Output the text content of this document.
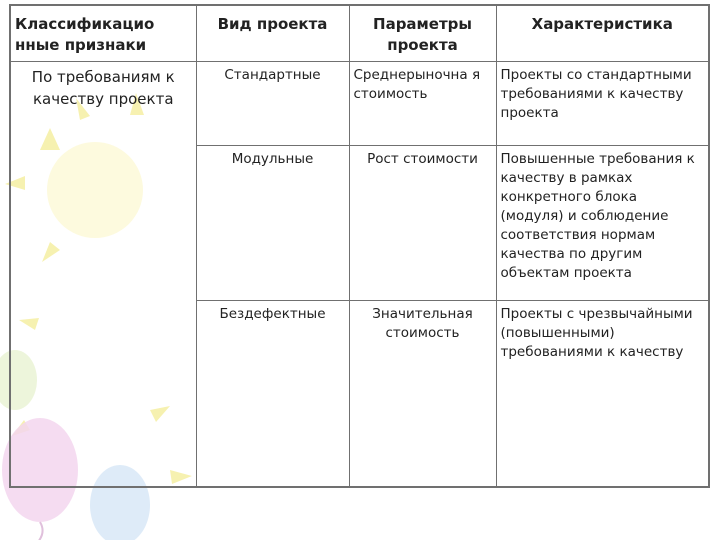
Классификацио нные признаки	Вид проекта	Параметры проекта	Характеристика
По требованиям к качеству проекта	Стандартные	Среднерыночна я стоимость	Проекты со стандартными требованиями к качеству проекта
	Модульные	Рост стоимости	Повышенные требования к качеству в рамках конкретного блока (модуля) и соблюдение соответствия нормам качества по другим объектам проекта
	Бездефектные	Значительная стоимость	Проекты с чрезвычайными (повышенными) требованиями к качеству
